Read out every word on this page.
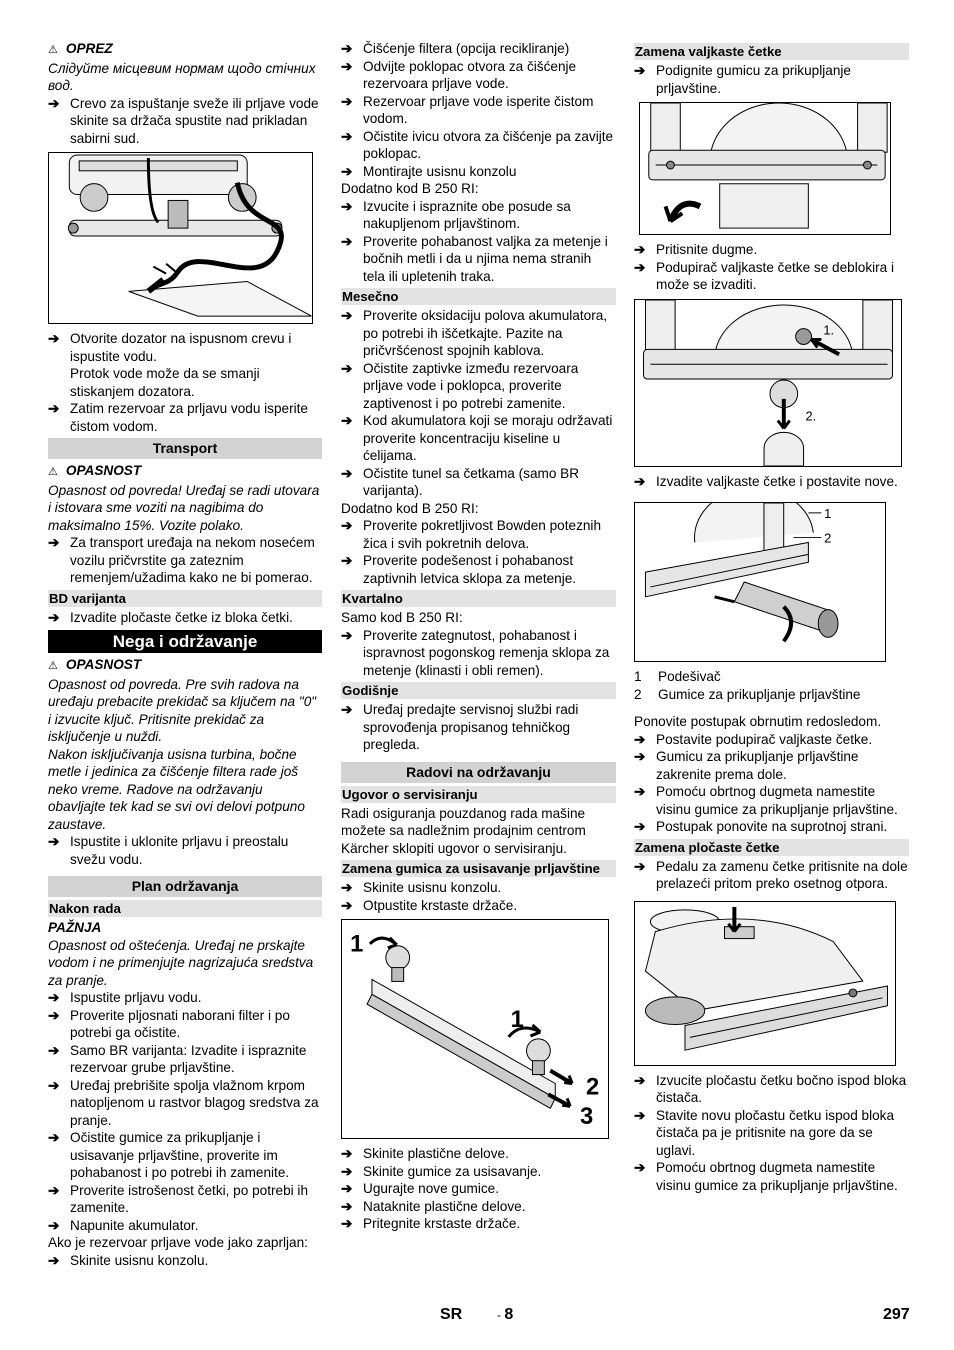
⚠ OPREZ

Слідуйте місцевим нормам щодо стічних вод.

➔ Crevo za ispuštanje sveže ili prljave vode skinite sa držača spustite nad prikladan sabirni sud.

➔ Otvorite dozator na ispusnom crevu i ispustite vodu.

Protok vode može da se smanji stiskanjem dozatora.

➔ Zatim rezervoar za prljavu vodu isperite čistom vodom.

Transport

⚠ OPASNOST

Opasnost od povreda! Uređaj se radi utovara i istovara sme voziti na nagibima do maksimalno 15%. Vozite polako.

➔ Za transport uređaja na nekom nosećem vozilu pričvrstite ga zateznim remenjem/užadima kako ne bi pomerao.

BD varijanta

➔ Izvadite pločaste četke iz bloka četki.

Nega i održavanje

⚠ OPASNOST

Opasnost od povreda. Pre svih radova na uređaju prebacite prekidač sa ključem na "0" i izvucite ključ. Pritisnite prekidač za isključenje u nuždi.

Nakon isključivanja usisna turbina, bočne metle i jedinica za čišćenje filtera rade još neko vreme. Radove na održavanju obavljajte tek kad se svi ovi delovi potpuno zaustave.

➔ Ispustite i uklonite prljavu i preostalu svežu vodu.

Plan održavanja
Nakon rada

PAŽNJA

Opasnost od oštećenja. Uređaj ne prskajte vodom i ne primenjujte nagrizajuća sredstva za pranje.

➔ Ispustite prljavu vodu.

➔ Proverite pljosnati naborani filter i po potrebi ga očistite.

➔ Samo BR varijanta: Izvadite i ispraznite rezervoar grube prljavštine.

➔ Uređaj prebrišite spolja vlažnom krpom natopljenom u rastvor blagog sredstva za pranje.

➔ Očistite gumice za prikupljanje i usisavanje prljavštine, proverite im pohabanost i po potrebi ih zamenite.

➔ Proverite istrošenost četki, po potrebi ih zamenite.

➔ Napunite akumulator.

Ako je rezervoar prljave vode jako zaprljan:

➔ Skinite usisnu konzolu.

➔ Čišćenje filtera (opcija recikliranje)

➔ Odvijte poklopac otvora za čišćenje rezervoara prljave vode.

➔ Rezervoar prljave vode isperite čistom vodom.

➔ Očistite ivicu otvora za čišćenje pa zavijte poklopac.

➔ Montirajte usisnu konzolu

Dodatno kod B 250 RI:

➔ Izvucite i ispraznite obe posude sa nakupljenom prljavštinom.

➔ Proverite pohabanost valjka za metenje i bočnih metli i da u njima nema stranih tela ili upletenih traka.

Mesečno

➔ Proverite oksidaciju polova akumulatora, po potrebi ih iščetkajte. Pazite na pričvršćenost spojnih kablova.

➔ Očistite zaptivke između rezervoara prljave vode i poklopca, proverite zaptivenost i po potrebi zamenite.

➔ Kod akumulatora koji se moraju održavati proverite koncentraciju kiseline u ćelijama.

➔ Očistite tunel sa četkama (samo BR varijanta).

Dodatno kod B 250 RI:

➔ Proverite pokretljivost Bowden poteznih žica i svih pokretnih delova.

➔ Proverite podešenost i pohabanost zaptivnih letvica sklopa za metenje.

Kvartalno

Samo kod B 250 RI:

➔ Proverite zategnutost, pohabanost i ispravnost pogonskog remenja sklopa za metenje (klinasti i obli remen).

Godišnje

➔ Uređaj predajte servisnoj službi radi sprovođenja propisanog tehničkog pregleda.

Radovi na održavanju
Ugovor o servisiranju

Radi osiguranja pouzdanog rada mašine možete sa nadležnim prodajnim centrom Kärcher sklopiti ugovor o servisiranju.

Zamena gumica za usisavanje prljavštine

➔ Skinite usisnu konzolu.

➔ Otpustite krstaste držače.

1
1
2
3

➔ Skinite plastične delove.

➔ Skinite gumice za usisavanje.

➔ Ugurajte nove gumice.

➔ Nataknite plastične delove.

➔ Pritegnite krstaste držače.

Zamena valjkaste četke

➔ Podignite gumicu za prikupljanje prljavštine.

➔ Pritisnite dugme.

➔ Podupirač valjkaste četke se deblokira i može se izvaditi.

1.
2.

➔ Izvadite valjkaste četke i postavite nove.

1
2
1	Podešivač
2	Gumice za prikupljanje prljavštine

Ponovite postupak obrnutim redosledom.

➔ Postavite podupirač valjkaste četke.

➔ Gumicu za prikupljanje prljavštine zakrenite prema dole.

➔ Pomoću obrtnog dugmeta namestite visinu gumice za prikupljanje prljavštine.

➔ Postupak ponovite na suprotnoj strani.

Zamena pločaste četke

➔ Pedalu za zamenu četke pritisnite na dole prelazeći pritom preko osetnog otpora.

➔ Izvucite pločastu četku bočno ispod bloka čistača.

➔ Stavite novu pločastu četku ispod bloka čistača pa je pritisnite na gore da se uglavi.

➔ Pomoću obrtnog dugmeta namestite visinu gumice za prikupljanje prljavštine.

SR
-	8	297
